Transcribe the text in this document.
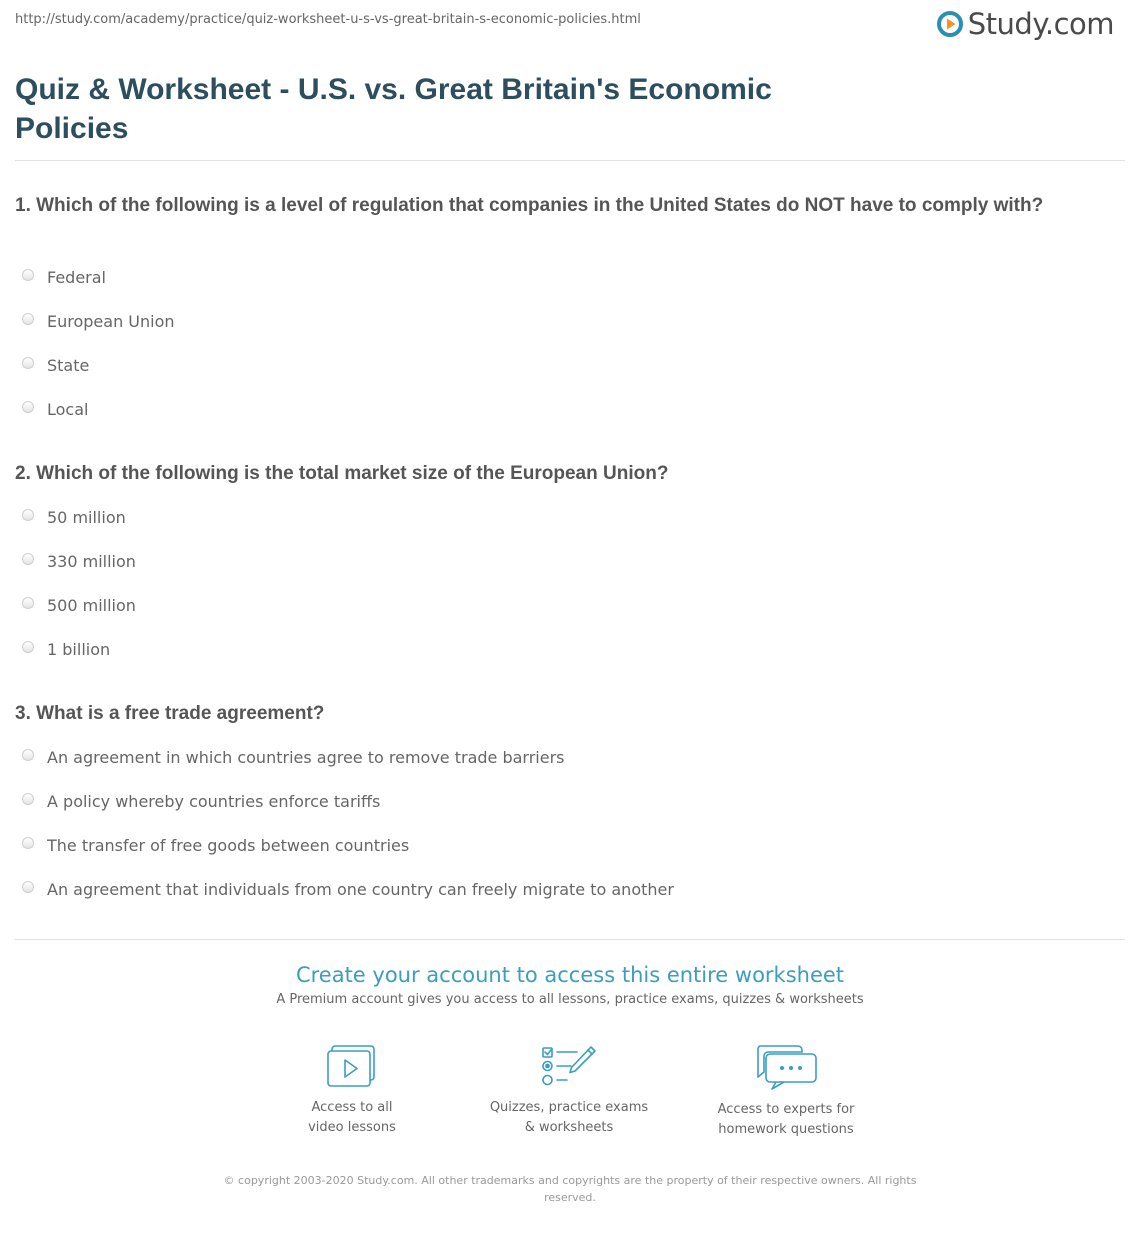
http://study.com/academy/practice/quiz-worksheet-u-s-vs-great-britain-s-economic-policies.html	Study.com
Quiz & Worksheet - U.S. vs. Great Britain's Economic Policies
1. Which of the following is a level of regulation that companies in the United States do NOT have to comply with?
Federal
European Union
State
Local
2. Which of the following is the total market size of the European Union?
50 million
330 million
500 million
1 billion
3. What is a free trade agreement?
An agreement in which countries agree to remove trade barriers
A policy whereby countries enforce tariffs
The transfer of free goods between countries
An agreement that individuals from one country can freely migrate to another
Create your account to access this entire worksheet
A Premium account gives you access to all lessons, practice exams, quizzes & worksheets
Access to all
video lessons
Quizzes, practice exams
& worksheets
Access to experts for
homework questions
© copyright 2003-2020 Study.com. All other trademarks and copyrights are the property of their respective owners. All rights reserved.
